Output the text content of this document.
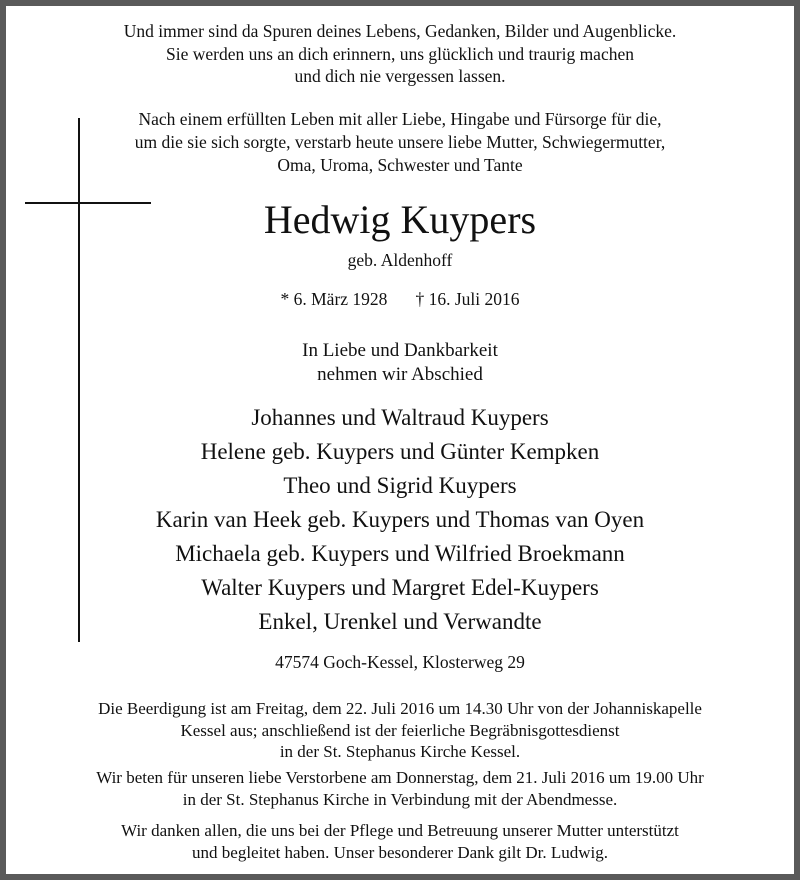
Und immer sind da Spuren deines Lebens, Gedanken, Bilder und Augenblicke.
Sie werden uns an dich erinnern, uns glücklich und traurig machen
und dich nie vergessen lassen.
Nach einem erfüllten Leben mit aller Liebe, Hingabe und Fürsorge für die,
um die sie sich sorgte, verstarb heute unsere liebe Mutter, Schwiegermutter,
Oma, Uroma, Schwester und Tante
Hedwig Kuypers
geb. Aldenhoff
* 6. März 1928 † 16. Juli 2016
In Liebe und Dankbarkeit
nehmen wir Abschied
Johannes und Waltraud Kuypers
Helene geb. Kuypers und Günter Kempken
Theo und Sigrid Kuypers
Karin van Heek geb. Kuypers und Thomas van Oyen
Michaela geb. Kuypers und Wilfried Broekmann
Walter Kuypers und Margret Edel-Kuypers
Enkel, Urenkel und Verwandte
47574 Goch-Kessel, Klosterweg 29
Die Beerdigung ist am Freitag, dem 22. Juli 2016 um 14.30 Uhr von der Johanniskapelle
Kessel aus; anschließend ist der feierliche Begräbnisgottesdienst
in der St. Stephanus Kirche Kessel.
Wir beten für unseren liebe Verstorbene am Donnerstag, dem 21. Juli 2016 um 19.00 Uhr
in der St. Stephanus Kirche in Verbindung mit der Abendmesse.
Wir danken allen, die uns bei der Pflege und Betreuung unserer Mutter unterstützt
und begleitet haben. Unser besonderer Dank gilt Dr. Ludwig.
